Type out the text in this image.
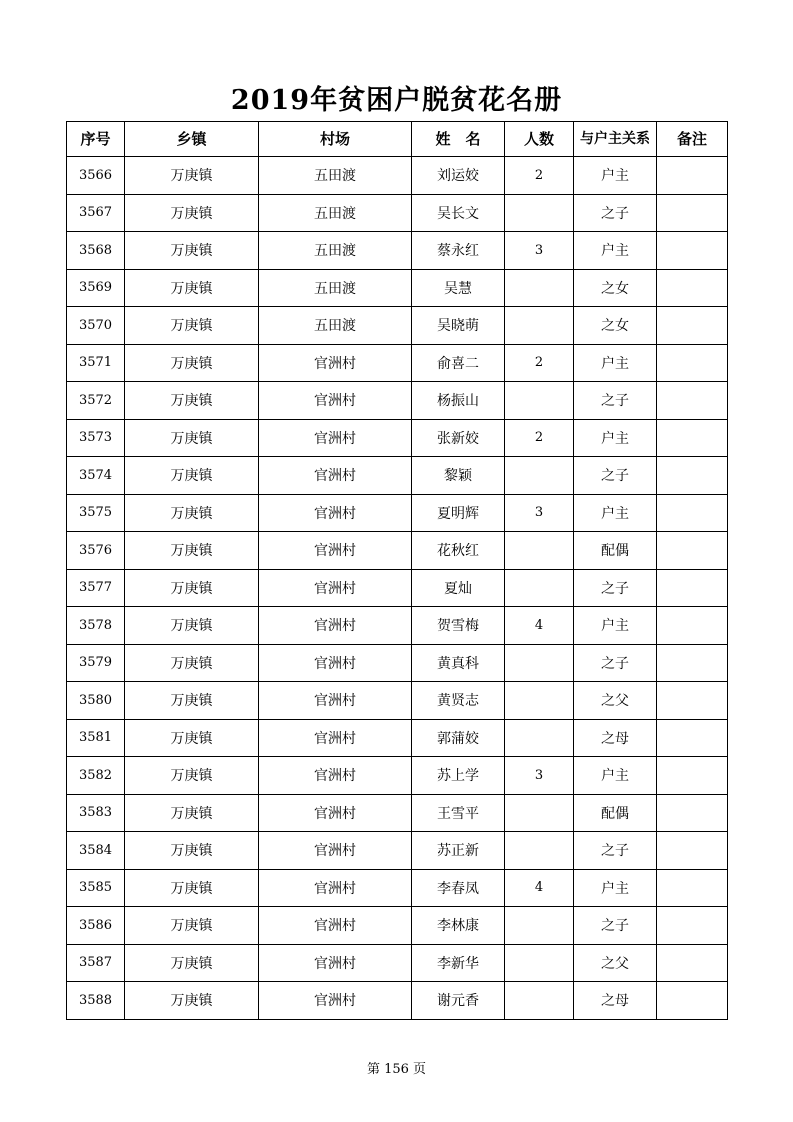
2019年贫困户脱贫花名册
序号	乡镇	村场	姓　名	人数	与户主关系	备注
3566	万庚镇	五田渡	刘运姣	2	户主	
3567	万庚镇	五田渡	吴长文		之子	
3568	万庚镇	五田渡	蔡永红	3	户主	
3569	万庚镇	五田渡	吴慧		之女	
3570	万庚镇	五田渡	吴晓萌		之女	
3571	万庚镇	官洲村	俞喜二	2	户主	
3572	万庚镇	官洲村	杨振山		之子	
3573	万庚镇	官洲村	张新姣	2	户主	
3574	万庚镇	官洲村	黎颖		之子	
3575	万庚镇	官洲村	夏明辉	3	户主	
3576	万庚镇	官洲村	花秋红		配偶	
3577	万庚镇	官洲村	夏灿		之子	
3578	万庚镇	官洲村	贺雪梅	4	户主	
3579	万庚镇	官洲村	黄真科		之子	
3580	万庚镇	官洲村	黄贤志		之父	
3581	万庚镇	官洲村	郭蒲姣		之母	
3582	万庚镇	官洲村	苏上学	3	户主	
3583	万庚镇	官洲村	王雪平		配偶	
3584	万庚镇	官洲村	苏正新		之子	
3585	万庚镇	官洲村	李春凤	4	户主	
3586	万庚镇	官洲村	李林康		之子	
3587	万庚镇	官洲村	李新华		之父	
3588	万庚镇	官洲村	谢元香		之母	
第 156 页
